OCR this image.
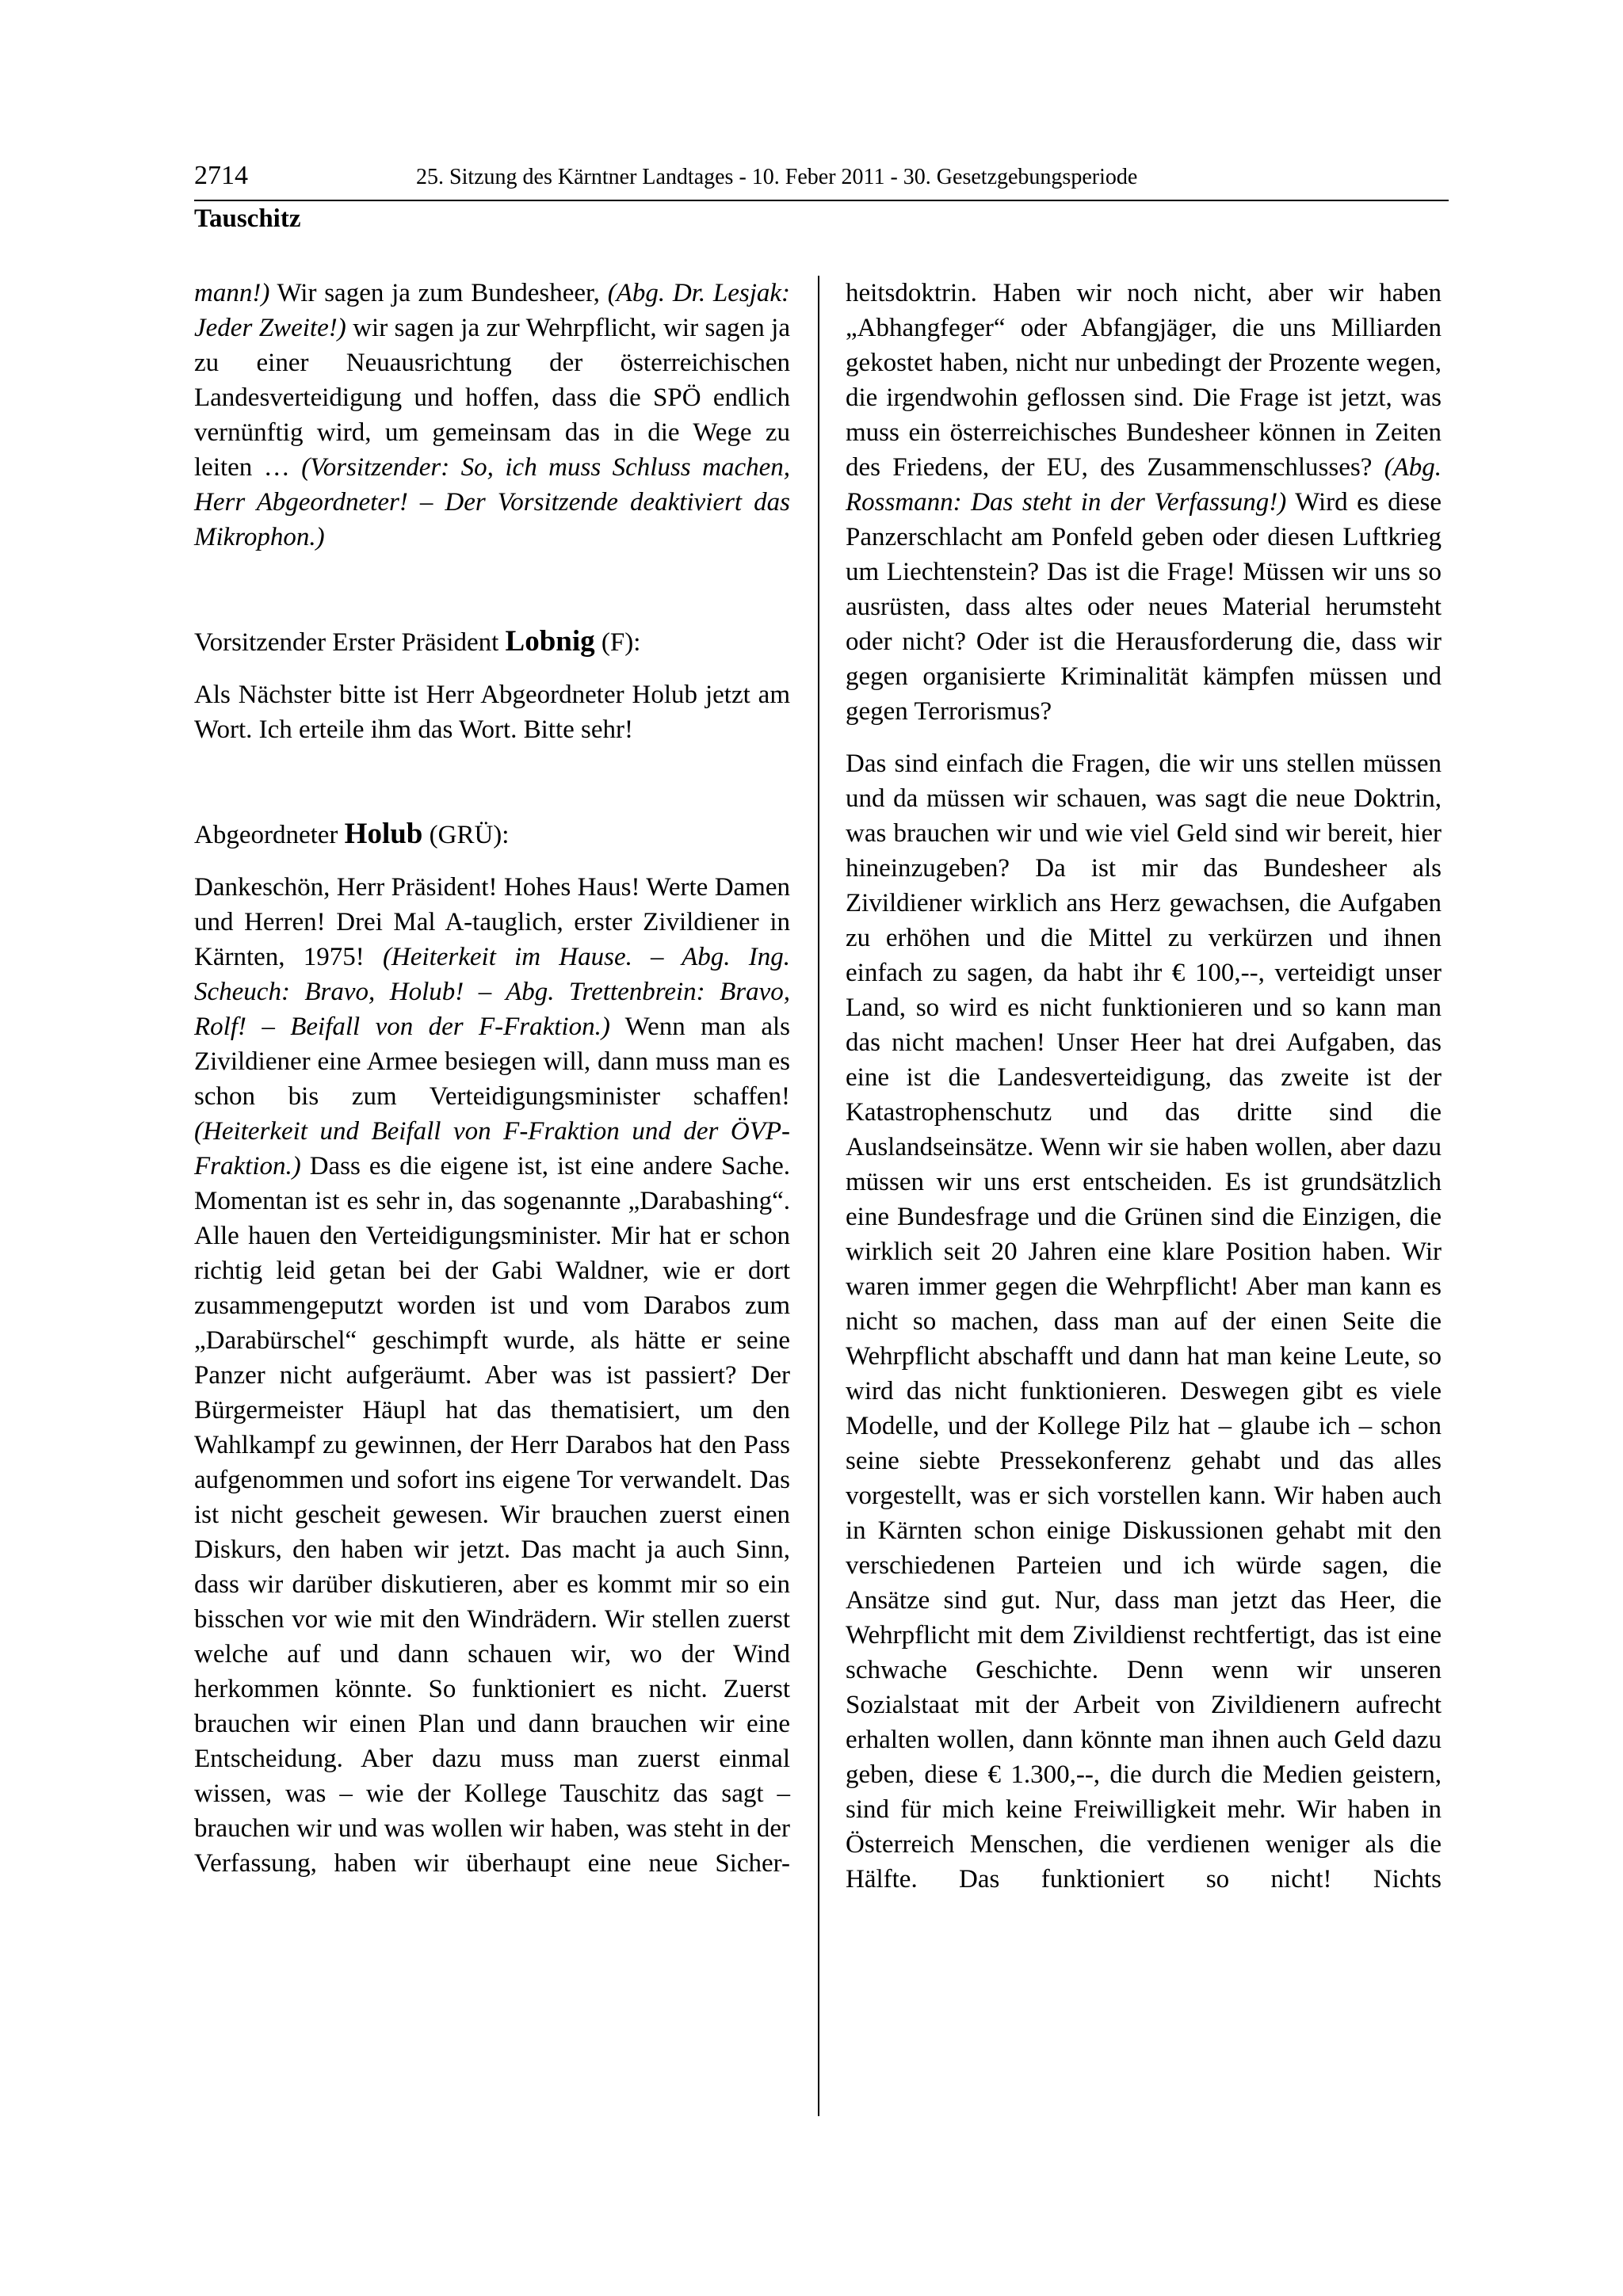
2714	25. Sitzung des Kärntner Landtages - 10. Feber 2011 - 30. Gesetzgebungsperiode
Tauschitz

mann!) Wir sagen ja zum Bundesheer, (Abg. Dr. Lesjak: Jeder Zweite!) wir sagen ja zur Wehrpflicht, wir sagen ja zu einer Neuausrichtung der österreichischen Landesverteidigung und hoffen, dass die SPÖ endlich vernünftig wird, um gemeinsam das in die Wege zu leiten … (Vorsitzender: So, ich muss Schluss machen, Herr Abgeordneter! – Der Vorsitzende deaktiviert das Mikrophon.)

Vorsitzender Erster Präsident Lobnig (F):

Als Nächster bitte ist Herr Abgeordneter Holub jetzt am Wort. Ich erteile ihm das Wort. Bitte sehr!

Abgeordneter Holub (GRÜ):

Dankeschön, Herr Präsident! Hohes Haus! Werte Damen und Herren! Drei Mal A-tauglich, erster Zivildiener in Kärnten, 1975! (Heiterkeit im Hause. – Abg. Ing. Scheuch: Bravo, Holub! – Abg. Trettenbrein: Bravo, Rolf! – Beifall von der F-Fraktion.) Wenn man als Zivildiener eine Armee besiegen will, dann muss man es schon bis zum Verteidigungsminister schaffen! (Heiterkeit und Beifall von F-Fraktion und der ÖVP-Fraktion.) Dass es die eigene ist, ist eine andere Sache. Momentan ist es sehr in, das sogenannte „Darabashing“. Alle hauen den Verteidigungsminister. Mir hat er schon richtig leid getan bei der Gabi Waldner, wie er dort zusammengeputzt worden ist und vom Darabos zum „Darabürschel“ geschimpft wurde, als hätte er seine Panzer nicht aufgeräumt. Aber was ist passiert? Der Bürgermeister Häupl hat das thematisiert, um den Wahlkampf zu gewinnen, der Herr Darabos hat den Pass aufgenommen und sofort ins eigene Tor verwandelt. Das ist nicht gescheit gewesen. Wir brauchen zuerst einen Diskurs, den haben wir jetzt. Das macht ja auch Sinn, dass wir darüber diskutieren, aber es kommt mir so ein bisschen vor wie mit den Windrädern. Wir stellen zuerst welche auf und dann schauen wir, wo der Wind herkommen könnte. So funktioniert es nicht. Zuerst brauchen wir einen Plan und dann brauchen wir eine Entscheidung. Aber dazu muss man zuerst einmal wissen, was – wie der Kollege Tauschitz das sagt – brauchen wir und was wollen wir haben, was steht in der Verfassung, haben wir überhaupt eine neue Sicher-

heitsdoktrin. Haben wir noch nicht, aber wir haben „Abhangfeger“ oder Abfangjäger, die uns Milliarden gekostet haben, nicht nur unbedingt der Prozente wegen, die irgendwohin geflossen sind. Die Frage ist jetzt, was muss ein österreichisches Bundesheer können in Zeiten des Friedens, der EU, des Zusammenschlusses? (Abg. Rossmann: Das steht in der Verfassung!) Wird es diese Panzerschlacht am Ponfeld geben oder diesen Luftkrieg um Liechtenstein? Das ist die Frage! Müssen wir uns so ausrüsten, dass altes oder neues Material herumsteht oder nicht? Oder ist die Herausforderung die, dass wir gegen organisierte Kriminalität kämpfen müssen und gegen Terrorismus?

Das sind einfach die Fragen, die wir uns stellen müssen und da müssen wir schauen, was sagt die neue Doktrin, was brauchen wir und wie viel Geld sind wir bereit, hier hineinzugeben? Da ist mir das Bundesheer als Zivildiener wirklich ans Herz gewachsen, die Aufgaben zu erhöhen und die Mittel zu verkürzen und ihnen einfach zu sagen, da habt ihr € 100,--, verteidigt unser Land, so wird es nicht funktionieren und so kann man das nicht machen! Unser Heer hat drei Aufgaben, das eine ist die Landesverteidigung, das zweite ist der Katastrophenschutz und das dritte sind die Auslandseinsätze. Wenn wir sie haben wollen, aber dazu müssen wir uns erst entscheiden. Es ist grundsätzlich eine Bundesfrage und die Grünen sind die Einzigen, die wirklich seit 20 Jahren eine klare Position haben. Wir waren immer gegen die Wehrpflicht! Aber man kann es nicht so machen, dass man auf der einen Seite die Wehrpflicht abschafft und dann hat man keine Leute, so wird das nicht funktionieren. Deswegen gibt es viele Modelle, und der Kollege Pilz hat – glaube ich – schon seine siebte Pressekonferenz gehabt und das alles vorgestellt, was er sich vorstellen kann. Wir haben auch in Kärnten schon einige Diskussionen gehabt mit den verschiedenen Parteien und ich würde sagen, die Ansätze sind gut. Nur, dass man jetzt das Heer, die Wehrpflicht mit dem Zivildienst rechtfertigt, das ist eine schwache Geschichte. Denn wenn wir unseren Sozialstaat mit der Arbeit von Zivildienern aufrecht erhalten wollen, dann könnte man ihnen auch Geld dazu geben, diese € 1.300,--, die durch die Medien geistern, sind für mich keine Freiwilligkeit mehr. Wir haben in Österreich Menschen, die verdienen weniger als die Hälfte. Das funktioniert so nicht! Nichts
